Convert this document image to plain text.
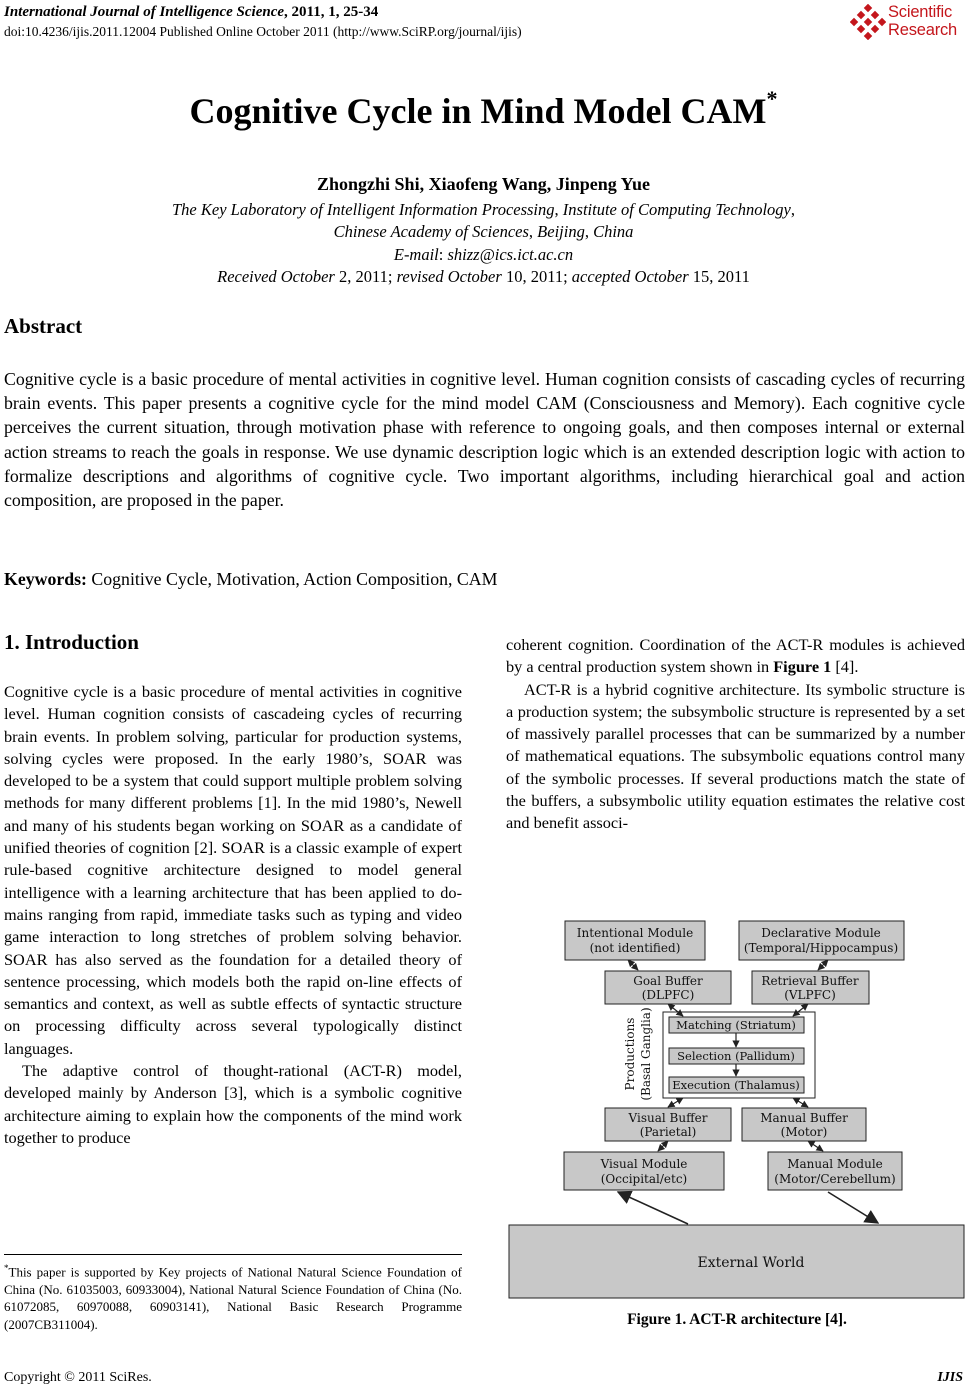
International Journal of Intelligence Science, 2011, 1, 25-34
doi:10.4236/ijis.2011.12004 Published Online October 2011 (http://www.SciRP.org/journal/ijis)
Scientific
Research
Cognitive Cycle in Mind Model CAM*
Zhongzhi Shi, Xiaofeng Wang, Jinpeng Yue
The Key Laboratory of Intelligent Information Processing, Institute of Computing Technology,
Chinese Academy of Sciences, Beijing, China
E-mail: shizz@ics.ict.ac.cn
Received October 2, 2011; revised October 10, 2011; accepted October 15, 2011
Abstract
Cognitive cycle is a basic procedure of mental activities in cognitive level. Human cognition consists of cascading cycles of recurring brain events. This paper presents a cognitive cycle for the mind model CAM (Consciousness and Memory). Each cognitive cycle perceives the current situation, through motivation phase with reference to ongoing goals, and then composes internal or external action streams to reach the goals in response. We use dynamic description logic which is an extended description logic with action to formalize descriptions and algorithms of cognitive cycle. Two important algorithms, including hierarchical goal and action composition, are proposed in the paper.
Keywords: Cognitive Cycle, Motivation, Action Composition, CAM
1. Introduction

Cognitive cycle is a basic procedure of mental activities in cognitive level. Human cognition consists of cascadeing cycles of recurring brain events. In problem solving, particular for production systems, solving cycles were proposed. In the early 1980’s, SOAR was developed to be a system that could support multiple problem solving methods for many different problems [1]. In the mid 1980’s, Newell and many of his students began working on SOAR as a candidate of unified theories of cognition [2]. SOAR is a classic example of expert rule-based cognitive architecture designed to model general intelligence with a learning architecture that has been applied to domains ranging from rapid, immediate tasks such as typing and video game interaction to long stretches of problem solving behavior. SOAR has also served as the foundation for a detailed theory of sentence processing, which models both the rapid on-line effects of semantics and context, as well as subtle effects of syntactic structure on processing difficulty across several typologically distinct languages.

The adaptive control of thought-rational (ACT-R) model, developed mainly by Anderson [3], which is a symbolic cognitive architecture aiming to explain how the components of the mind work together to produce

*This paper is supported by Key projects of National Natural Science Foundation of China (No. 61035003, 60933004), National Natural Science Foundation of China (No. 61072085, 60970088, 60903141), National Basic Research Programme (2007CB311004).

coherent cognition. Coordination of the ACT-R modules is achieved by a central production system shown in Figure 1 [4].

ACT-R is a hybrid cognitive architecture. Its symbolic structure is a production system; the subsymbolic structure is represented by a set of massively parallel processes that can be summarized by a number of mathematical equations. The subsymbolic equations control many of the symbolic processes. If several productions match the state of the buffers, a subsymbolic utility equation estimates the relative cost and benefit associ-

Intentional Module
(not identified)
Declarative Module
(Temporal/Hippocampus)
Goal Buffer
(DLPFC)
Retrieval Buffer
(VLPFC)
Matching (Striatum)
Selection (Pallidum)
Execution (Thalamus)
Visual Buffer
(Parietal)
Manual Buffer
(Motor)
Visual Module
(Occipital/etc)
Manual Module
(Motor/Cerebellum)
External World
Productions (Basal Ganglia)
Figure 1. ACT-R architecture [4].
Copyright © 2011 SciRes.	IJIS
